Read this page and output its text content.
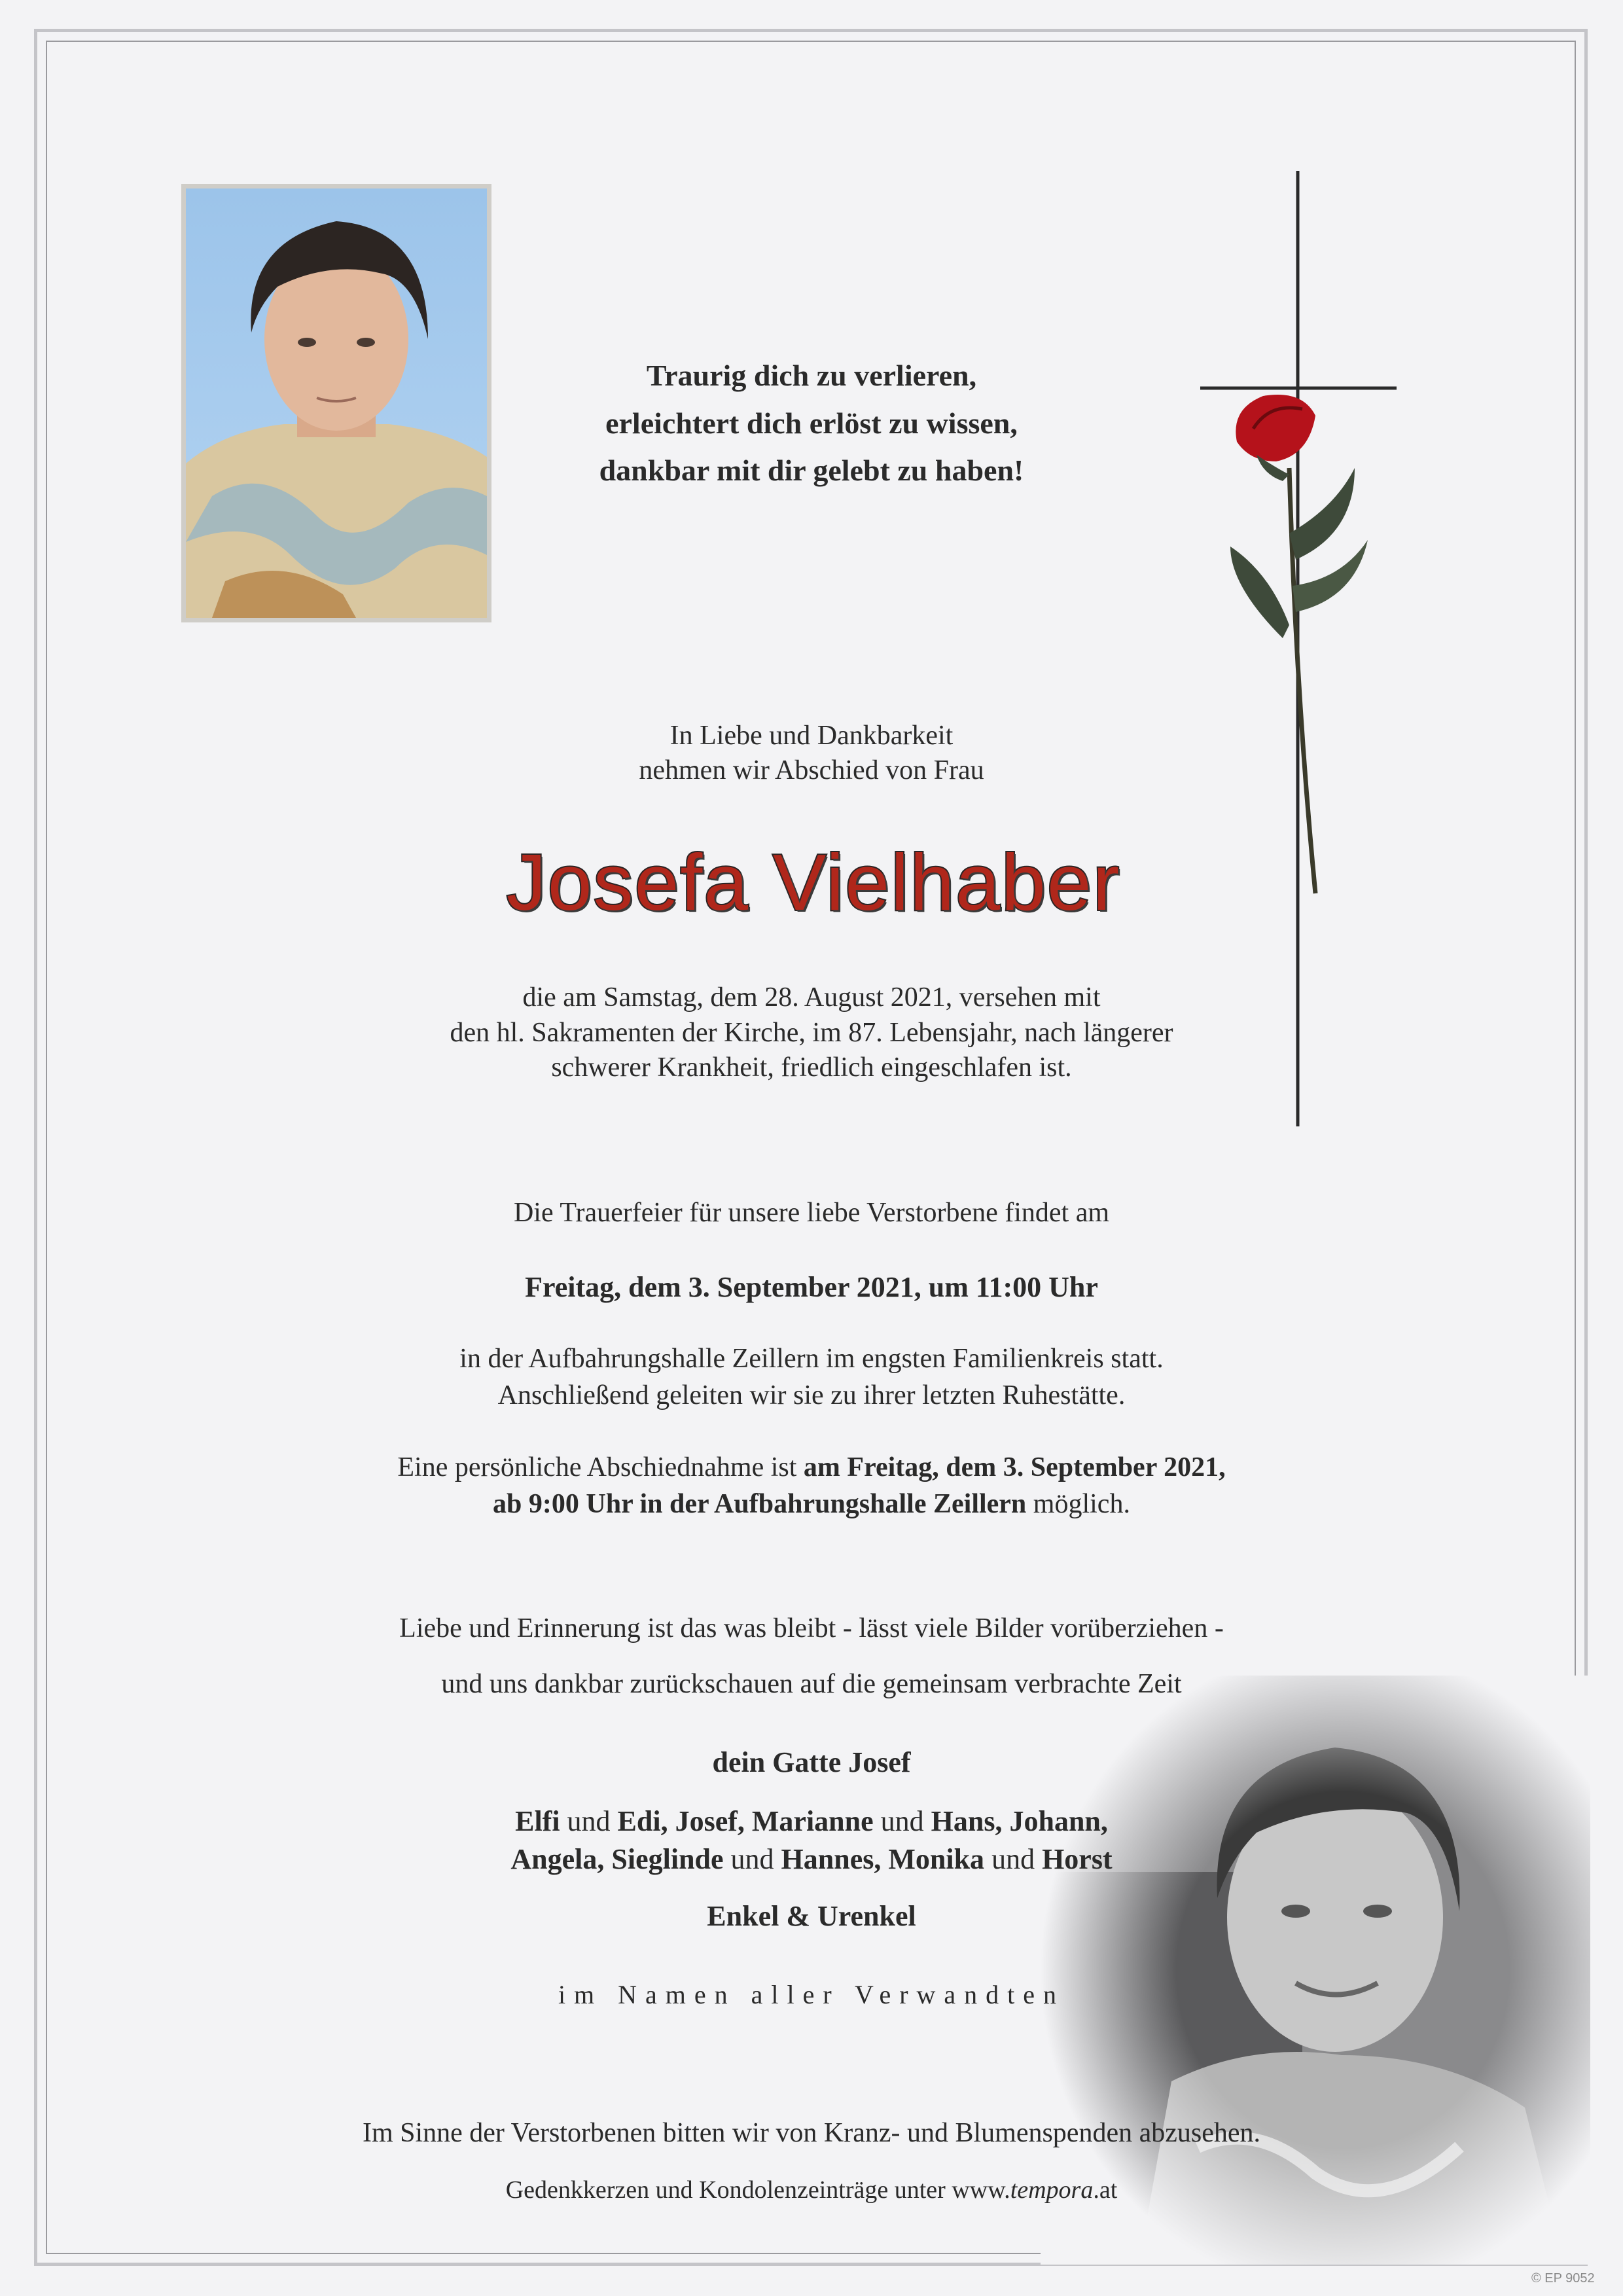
Traurig dich zu verlieren,
erleichtert dich erlöst zu wissen,
dankbar mit dir gelebt zu haben!
In Liebe und Dankbarkeit
nehmen wir Abschied von Frau
Josefa Vielhaber
die am Samstag, dem 28. August 2021, versehen mit
den hl. Sakramenten der Kirche, im 87. Lebensjahr, nach längerer
schwerer Krankheit, friedlich eingeschlafen ist.
Die Trauerfeier für unsere liebe Verstorbene findet am
Freitag, dem 3. September 2021, um 11:00 Uhr
in der Aufbahrungshalle Zeillern im engsten Familienkreis statt.
Anschließend geleiten wir sie zu ihrer letzten Ruhestätte.
Eine persönliche Abschiednahme ist am Freitag, dem 3. September 2021,
ab 9:00 Uhr in der Aufbahrungshalle Zeillern möglich.
Liebe und Erinnerung ist das was bleibt - lässt viele Bilder vorüberziehen -
und uns dankbar zurückschauen auf die gemeinsam verbrachte Zeit
dein Gatte Josef
Elfi und Edi, Josef, Marianne und Hans, Johann,
Angela, Sieglinde und Hannes, Monika und Horst
Enkel & Urenkel
im Namen aller Verwandten
Im Sinne der Verstorbenen bitten wir von Kranz- und Blumenspenden abzusehen.
Gedenkkerzen und Kondolenzeinträge unter www.tempora.at
© EP 9052
